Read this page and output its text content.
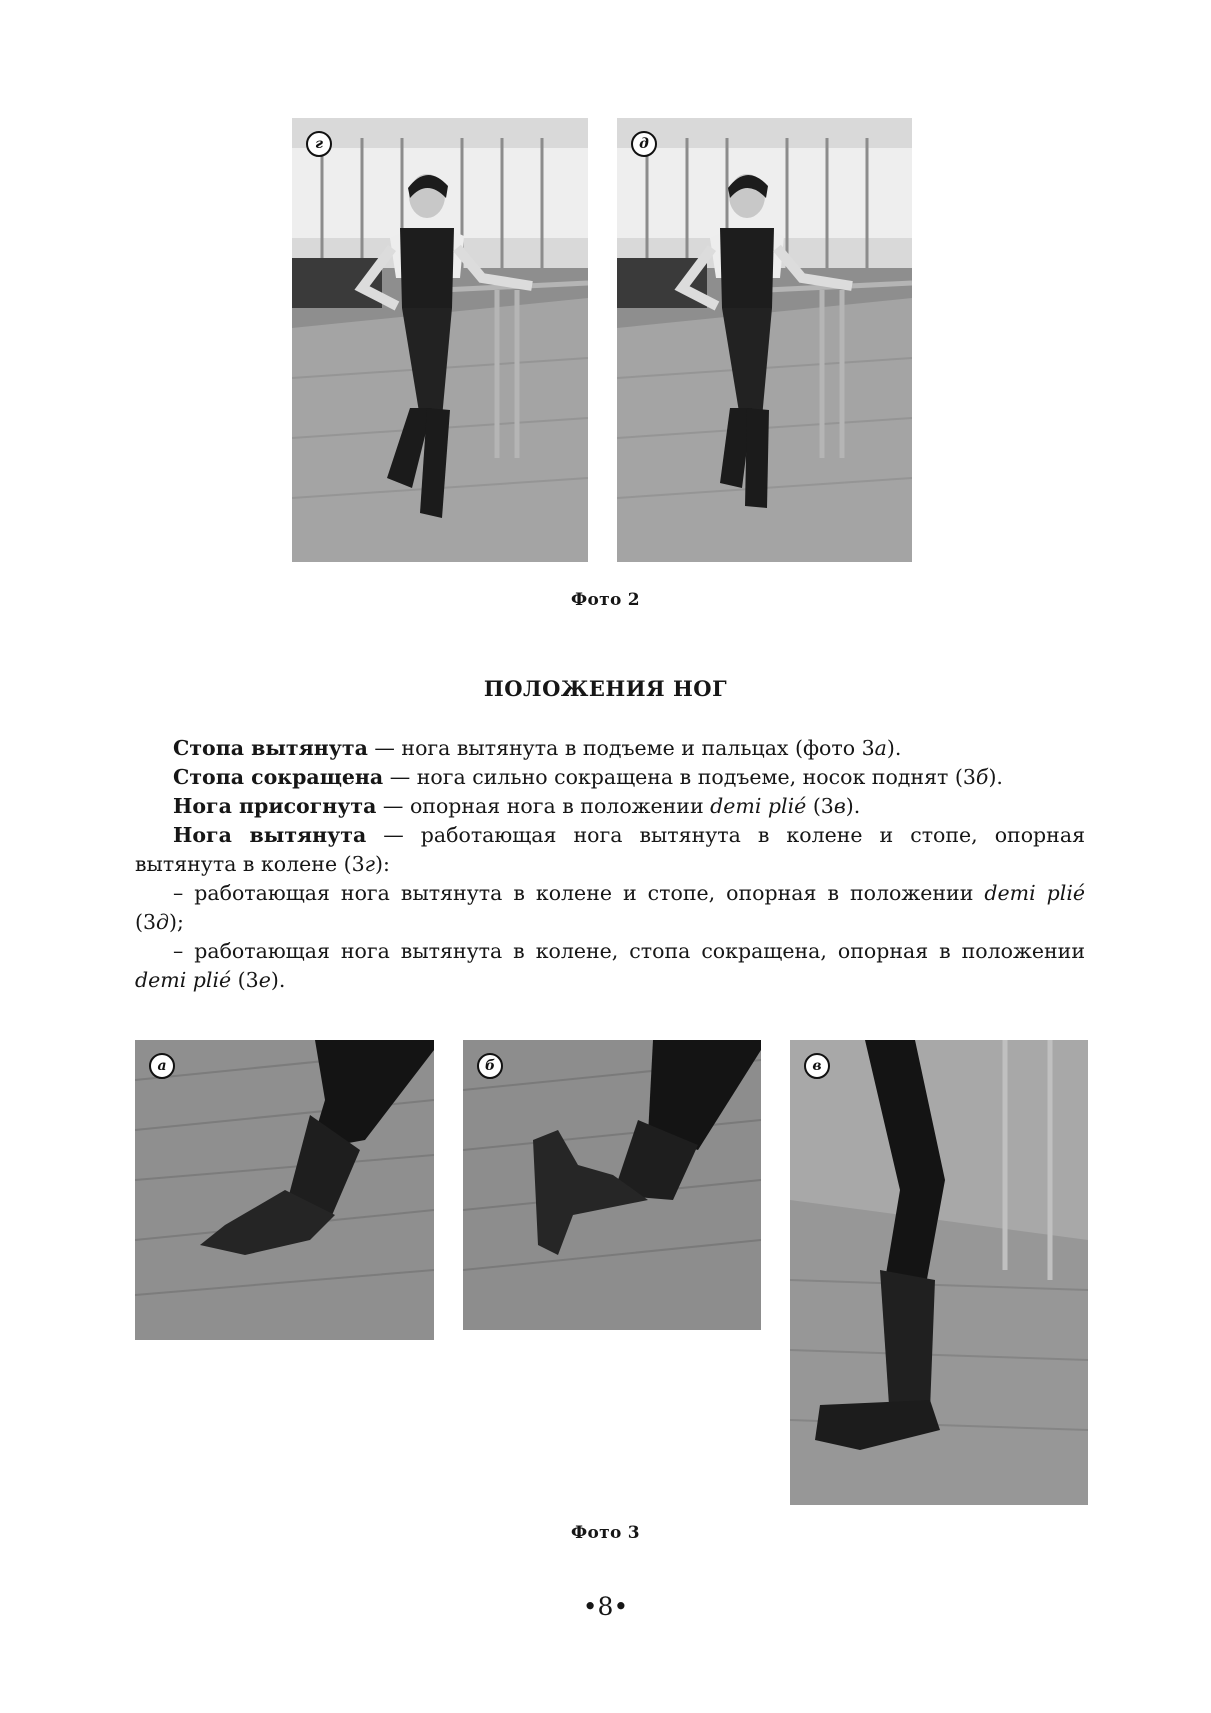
г	д
Фото 2
ПОЛОЖЕНИЯ НОГ

Стопа вытянута — нога вытянута в подъеме и пальцах (фото 3а).

Стопа сокращена — нога сильно сокращена в подъеме, носок поднят (3б).

Нога присогнута — опорная нога в положении demi plié (3в).

Нога вытянута — работающая нога вытянута в колене и стопе, опорная вытянута в колене (3г):

– работающая нога вытянута в колене и стопе, опорная в положении demi plié (3д);

– работающая нога вытянута в колене, стопа сокращена, опорная в положении demi plié (3е).

а	б	в
Фото 3
•8•
